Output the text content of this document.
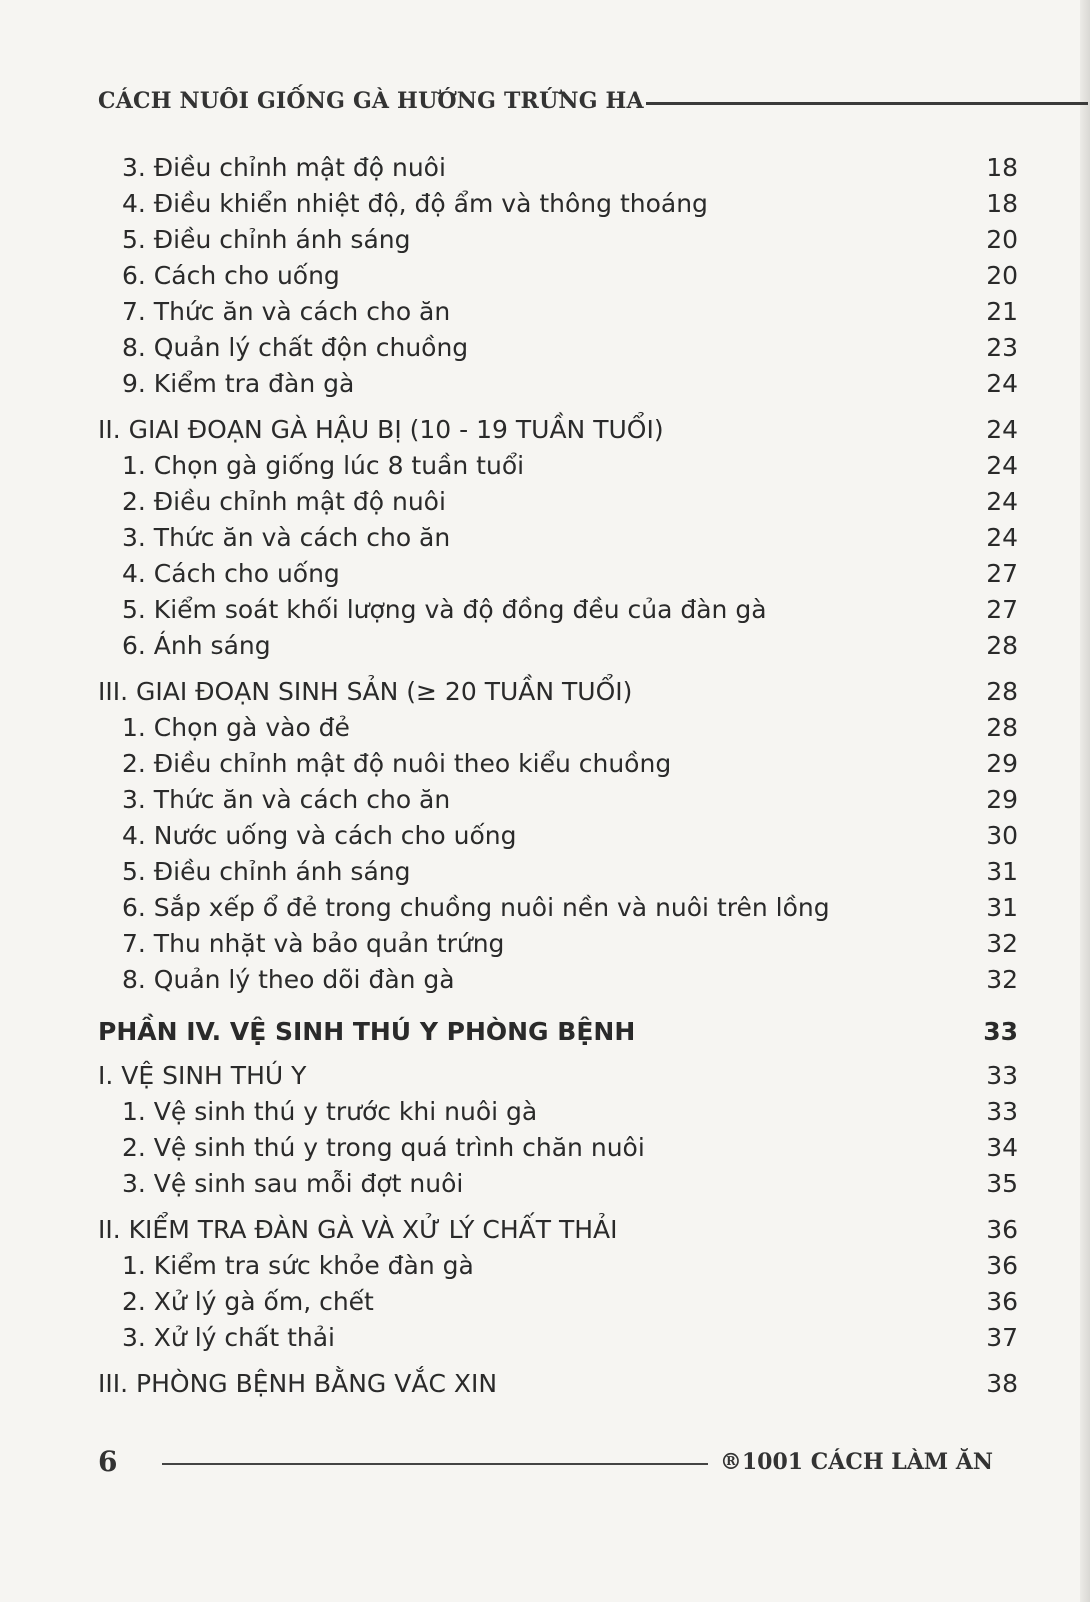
CÁCH NUÔI GIỐNG GÀ HƯỚNG TRỨNG HA
3. Điều chỉnh mật độ nuôi	18
4. Điều khiển nhiệt độ, độ ẩm và thông thoáng	18
5. Điều chỉnh ánh sáng	20
6. Cách cho uống	20
7. Thức ăn và cách cho ăn	21
8. Quản lý chất độn chuồng	23
9. Kiểm tra đàn gà	24
II. GIAI ĐOẠN GÀ HẬU BỊ (10 - 19 TUẦN TUỔI)	24
1. Chọn gà giống lúc 8 tuần tuổi	24
2. Điều chỉnh mật độ nuôi	24
3. Thức ăn và cách cho ăn	24
4. Cách cho uống	27
5. Kiểm soát khối lượng và độ đồng đều của đàn gà	27
6. Ánh sáng	28
III. GIAI ĐOẠN SINH SẢN (≥ 20 TUẦN TUỔI)	28
1. Chọn gà vào đẻ	28
2. Điều chỉnh mật độ nuôi theo kiểu chuồng	29
3. Thức ăn và cách cho ăn	29
4. Nước uống và cách cho uống	30
5. Điều chỉnh ánh sáng	31
6. Sắp xếp ổ đẻ trong chuồng nuôi nền và nuôi trên lồng	31
7. Thu nhặt và bảo quản trứng	32
8. Quản lý theo dõi đàn gà	32
PHẦN IV. VỆ SINH THÚ Y PHÒNG BỆNH	33
I. VỆ SINH THÚ Y	33
1. Vệ sinh thú y trước khi nuôi gà	33
2. Vệ sinh thú y trong quá trình chăn nuôi	34
3. Vệ sinh sau mỗi đợt nuôi	35
II. KIỂM TRA ĐÀN GÀ VÀ XỬ LÝ CHẤT THẢI	36
1. Kiểm tra sức khỏe đàn gà	36
2. Xử lý gà ốm, chết	36
3. Xử lý chất thải	37
III. PHÒNG BỆNH BẰNG VẮC XIN	38
6	®1001 CÁCH LÀM ĂN
